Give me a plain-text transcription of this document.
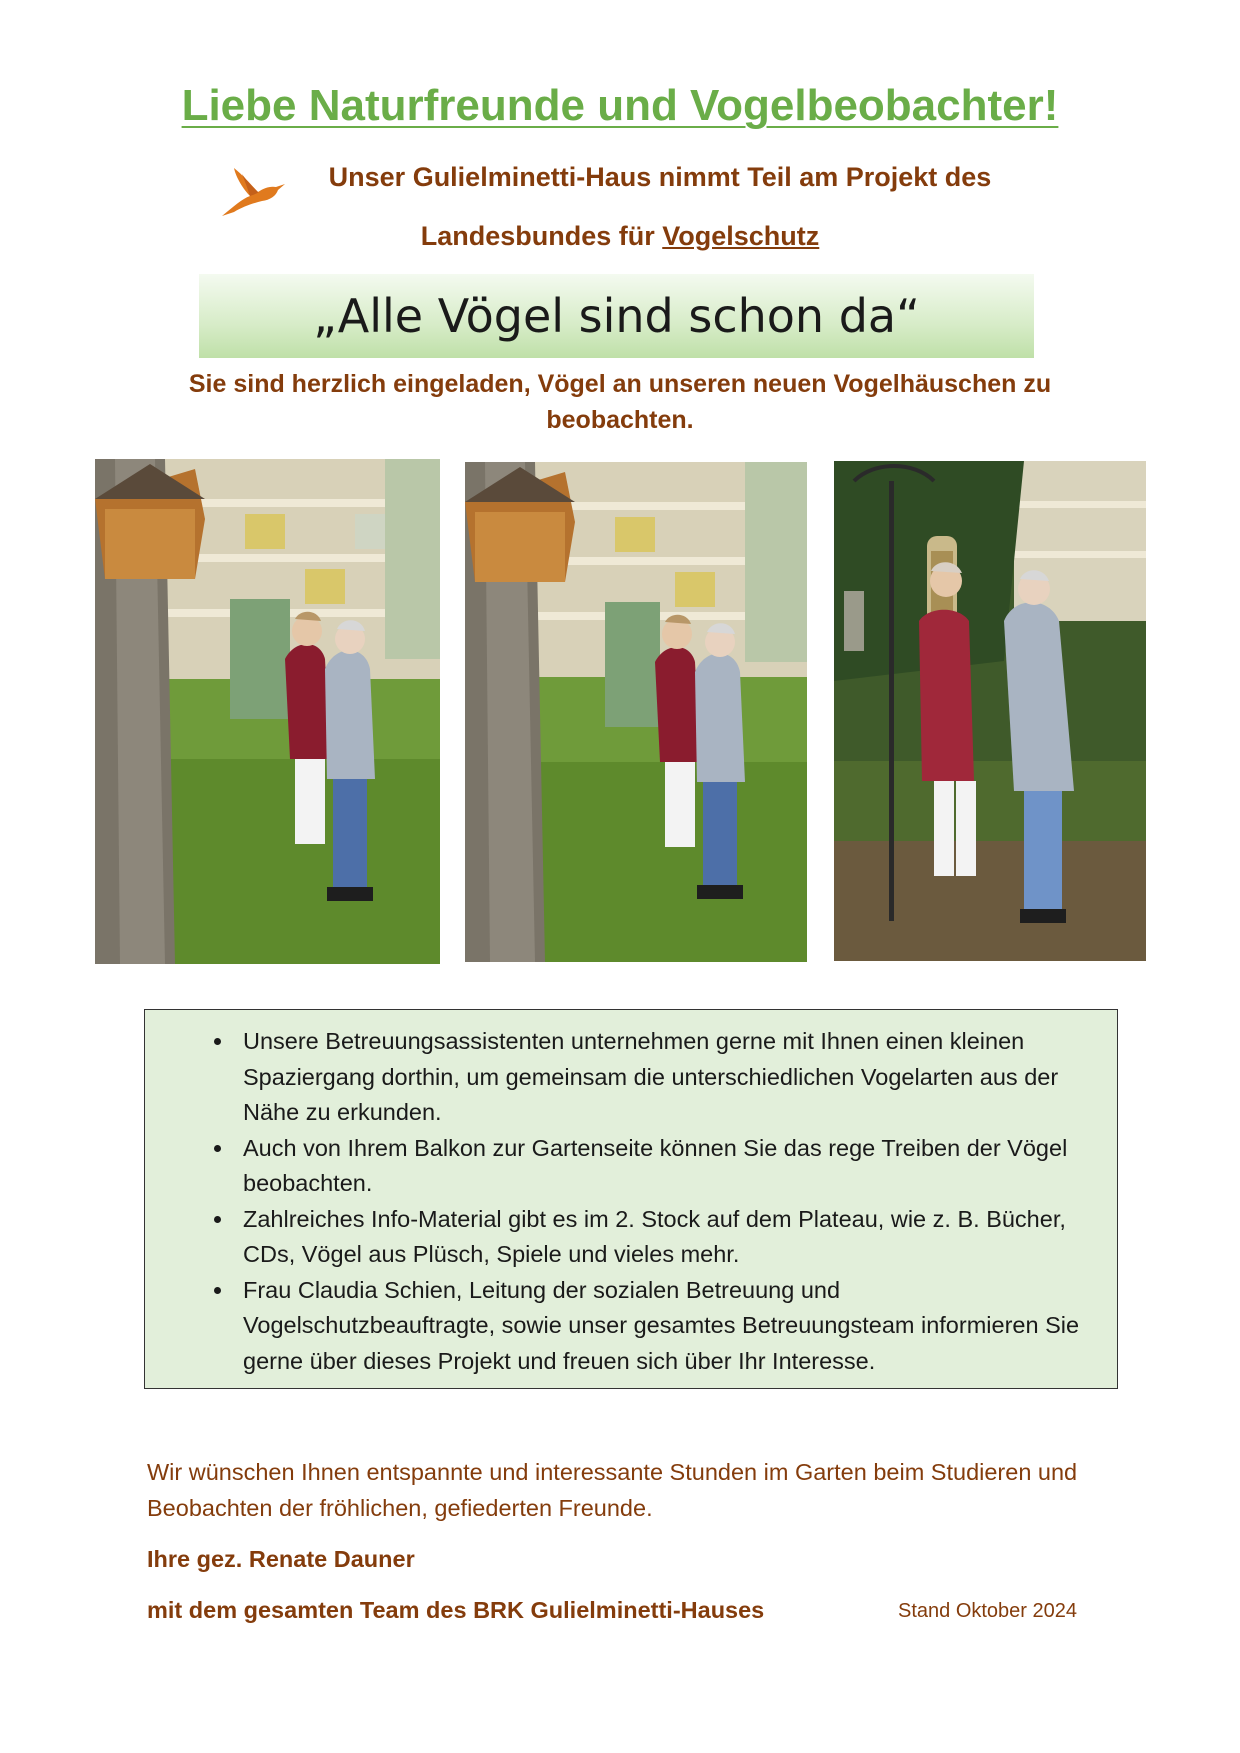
Liebe Naturfreunde und Vogelbeobachter!

Unser Gulielminetti-Haus nimmt Teil am Projekt des

Landesbundes für Vogelschutz

„Alle Vögel sind schon da“

Sie sind herzlich eingeladen, Vögel an unseren neuen Vogelhäuschen zu beobachten.

• Unsere Betreuungsassistenten unternehmen gerne mit Ihnen einen kleinen Spaziergang dorthin, um gemeinsam die unterschiedlichen Vogelarten aus der Nähe zu erkunden.
• Auch von Ihrem Balkon zur Gartenseite können Sie das rege Treiben der Vögel beobachten.
• Zahlreiches Info-Material gibt es im 2. Stock auf dem Plateau, wie z. B. Bücher, CDs, Vögel aus Plüsch, Spiele und vieles mehr.
• Frau Claudia Schien, Leitung der sozialen Betreuung und Vogelschutzbeauftragte, sowie unser gesamtes Betreuungsteam informieren Sie gerne über dieses Projekt und freuen sich über Ihr Interesse.

Wir wünschen Ihnen entspannte und interessante Stunden im Garten beim Studieren und Beobachten der fröhlichen, gefiederten Freunde.

Ihre gez. Renate Dauner

mit dem gesamten Team des BRK Gulielminetti-Hauses	Stand Oktober 2024
